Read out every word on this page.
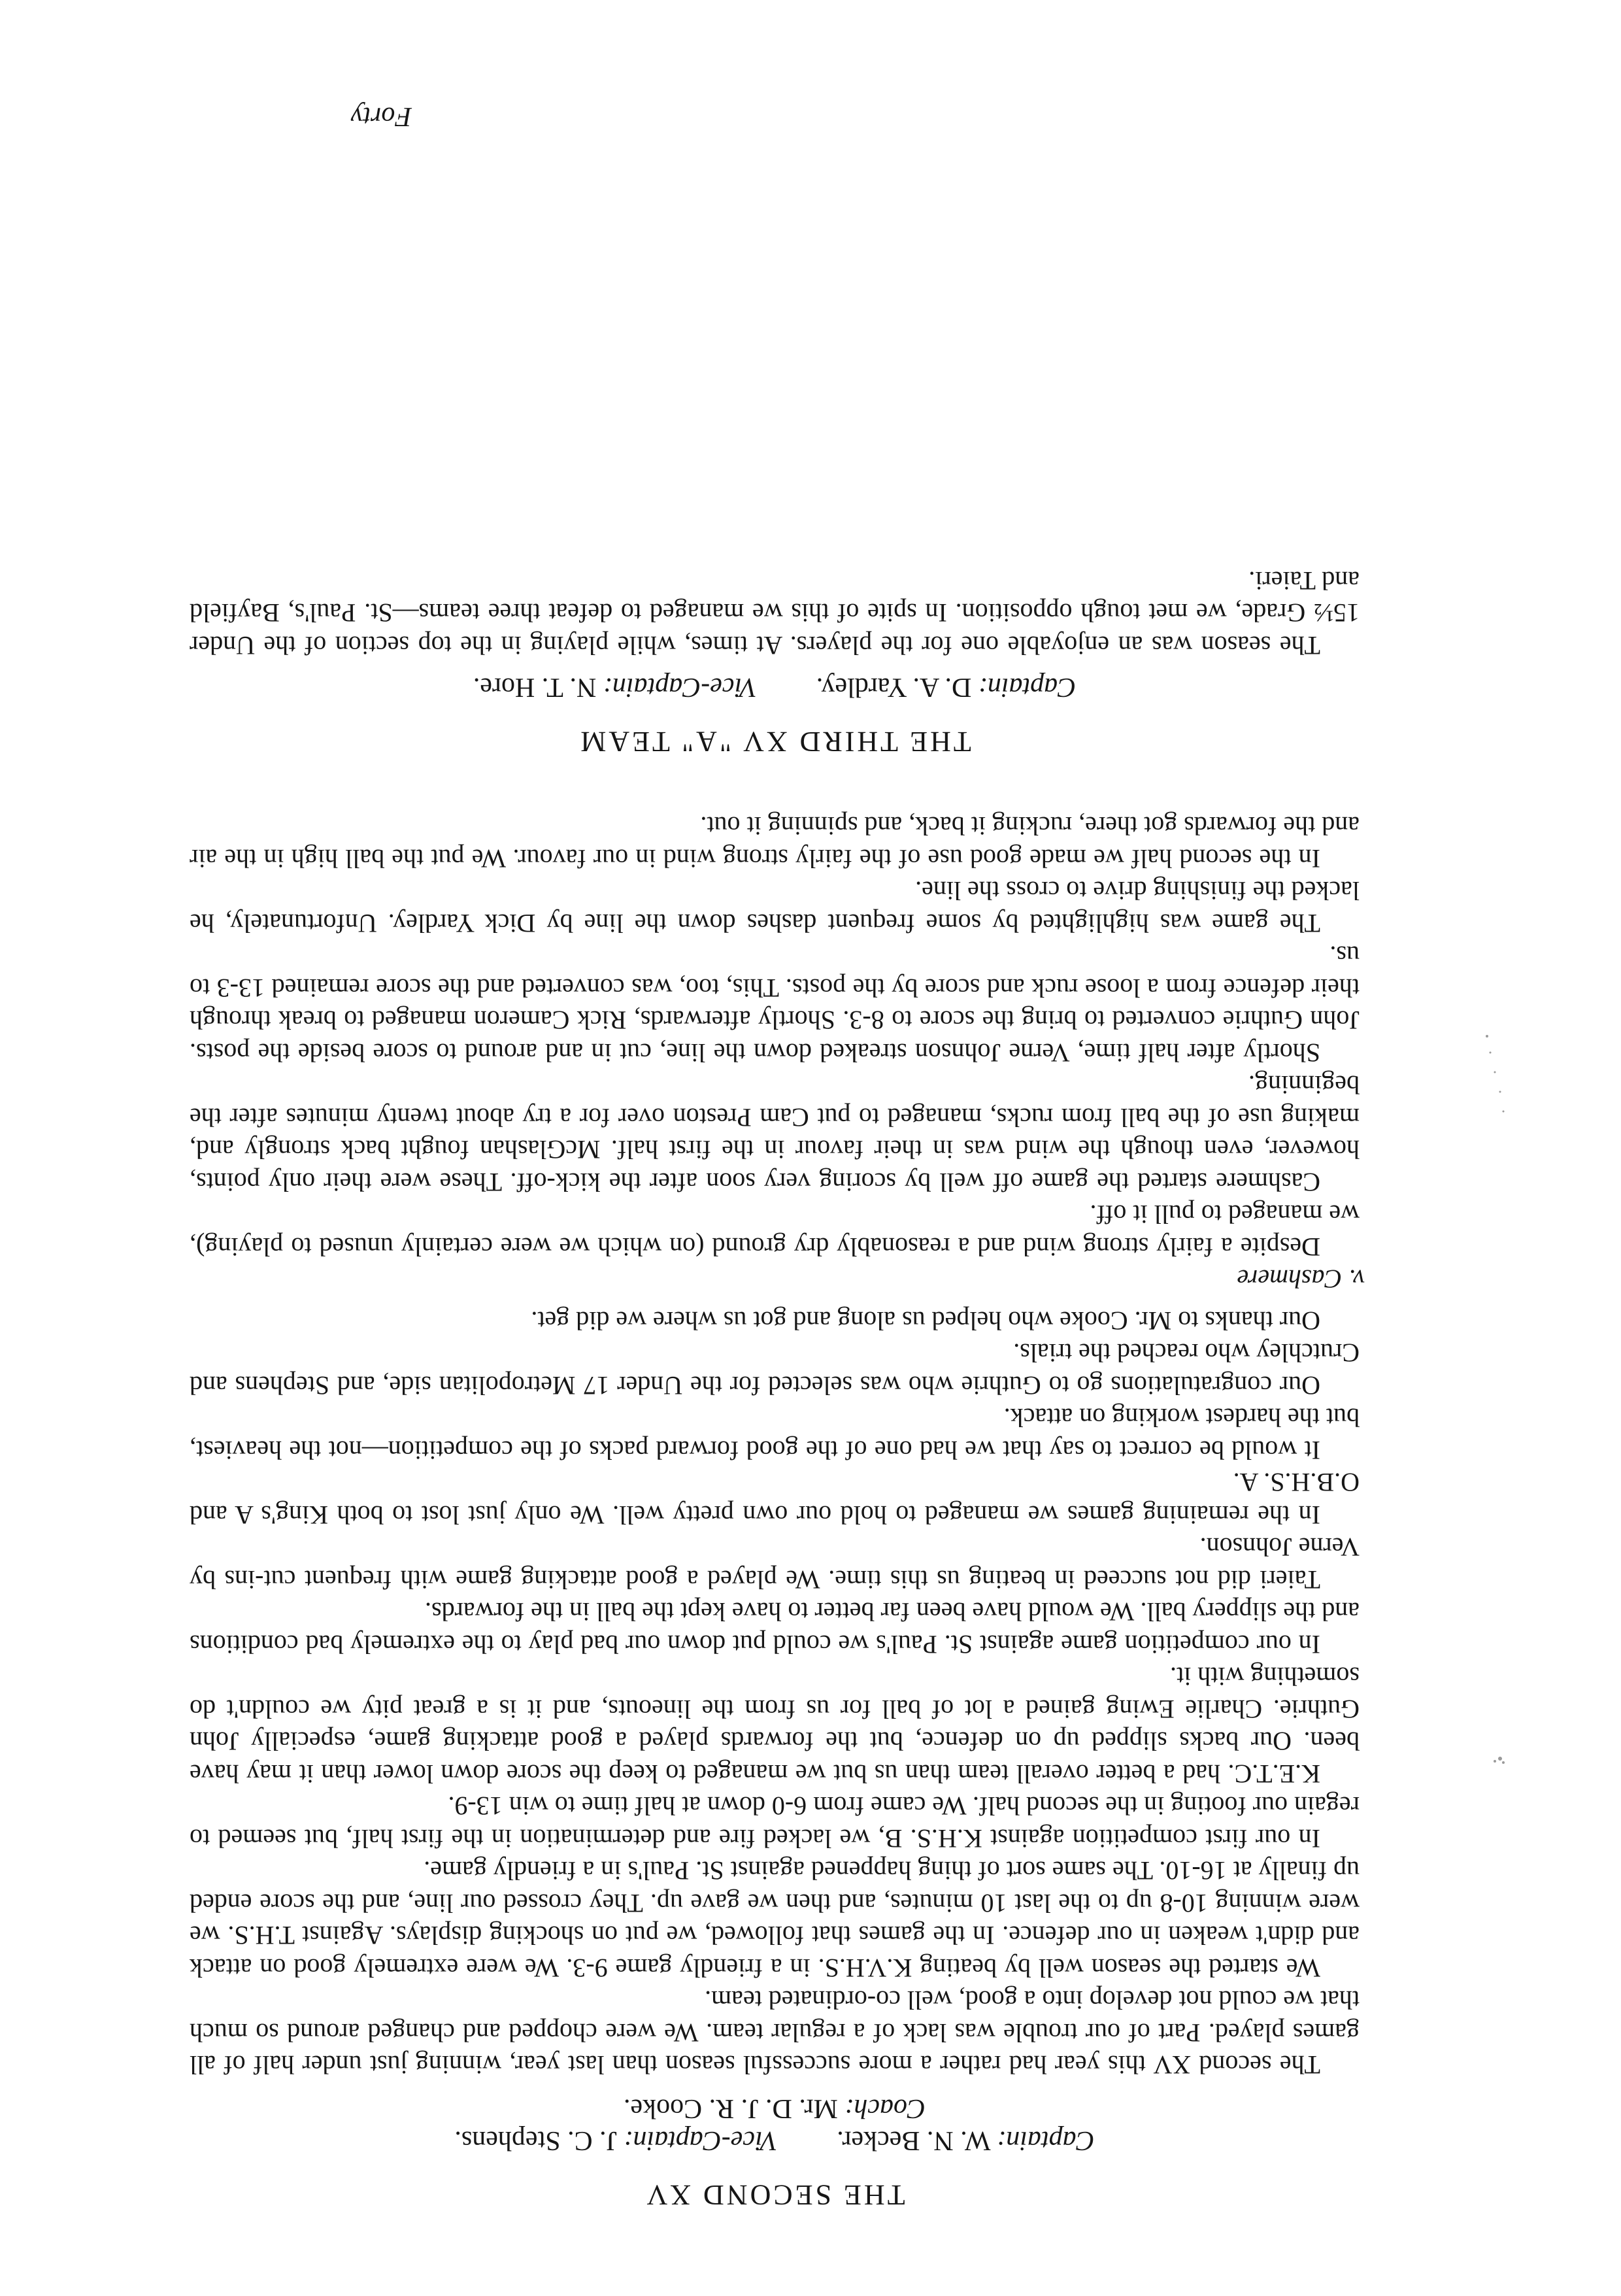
THE SECOND XV

Captain: W. N. Becker.  Vice-Captain: J. C. Stephens.

Coach: Mr. D. J. R. Cooke.

The second XV this year had rather a more successful season than last year, winning just under half of all games played. Part of our trouble was lack of a regular team. We were chopped and changed around so much that we could not develop into a good, well co-ordinated team.

We started the season well by beating K.V.H.S. in a friendly game 9-3. We were extremely good on attack and didn't weaken in our defence. In the games that followed, we put on shocking displays. Against T.H.S. we were winning 10-8 up to the last 10 minutes, and then we gave up. They crossed our line, and the score ended up finally at 16-10. The same sort of thing happened against St. Paul's in a friendly game.

In our first competition against K.H.S. B, we lacked fire and determination in the first half, but seemed to regain our footing in the second half. We came from 6-0 down at half time to win 13-9.

K.E.T.C. had a better overall team than us but we managed to keep the score down lower than it may have been. Our backs slipped up on defence, but the forwards played a good attacking game, especially John Guthrie. Charlie Ewing gained a lot of ball for us from the lineouts, and it is a great pity we couldn't do something with it.

In our competition game against St. Paul's we could put down our bad play to the extremely bad conditions and the slippery ball. We would have been far better to have kept the ball in the forwards.

Taieri did not succeed in beating us this time. We played a good attacking game with frequent cut-ins by Verne Johnson.

In the remaining games we managed to hold our own pretty well. We only just lost to both King's A and O.B.H.S. A.

It would be correct to say that we had one of the good forward packs of the competition—not the heaviest, but the hardest working on attack.

Our congratulations go to Guthrie who was selected for the Under 17 Metropolitan side, and Stephens and Crutchley who reached the trials.

Our thanks to Mr. Cooke who helped us along and got us where we did get.

v. Cashmere

Despite a fairly strong wind and a reasonably dry ground (on which we were certainly unused to playing), we managed to pull it off.

Cashmere started the game off well by scoring very soon after the kick-off. These were their only points, however, even though the wind was in their favour in the first half. McGlashan fought back strongly and, making use of the ball from rucks, managed to put Cam Preston over for a try about twenty minutes after the beginning.

Shortly after half time, Verne Johnson streaked down the line, cut in and around to score beside the posts. John Guthrie converted to bring the score to 8-3. Shortly afterwards, Rick Cameron managed to break through their defence from a loose ruck and score by the posts. This, too, was converted and the score remained 13-3 to us.

The game was highlighted by some frequent dashes down the line by Dick Yardley. Unfortunately, he lacked the finishing drive to cross the line.

In the second half we made good use of the fairly strong wind in our favour. We put the ball high in the air and the forwards got there, rucking it back, and spinning it out.

THE THIRD XV "A" TEAM

Captain: D. A. Yardley.  Vice-Captain: N. T. Hore.

The season was an enjoyable one for the players. At times, while playing in the top section of the Under 15½ Grade, we met tough opposition. In spite of this we managed to defeat three teams—St. Paul's, Bayfield and Taieri.

Forty
